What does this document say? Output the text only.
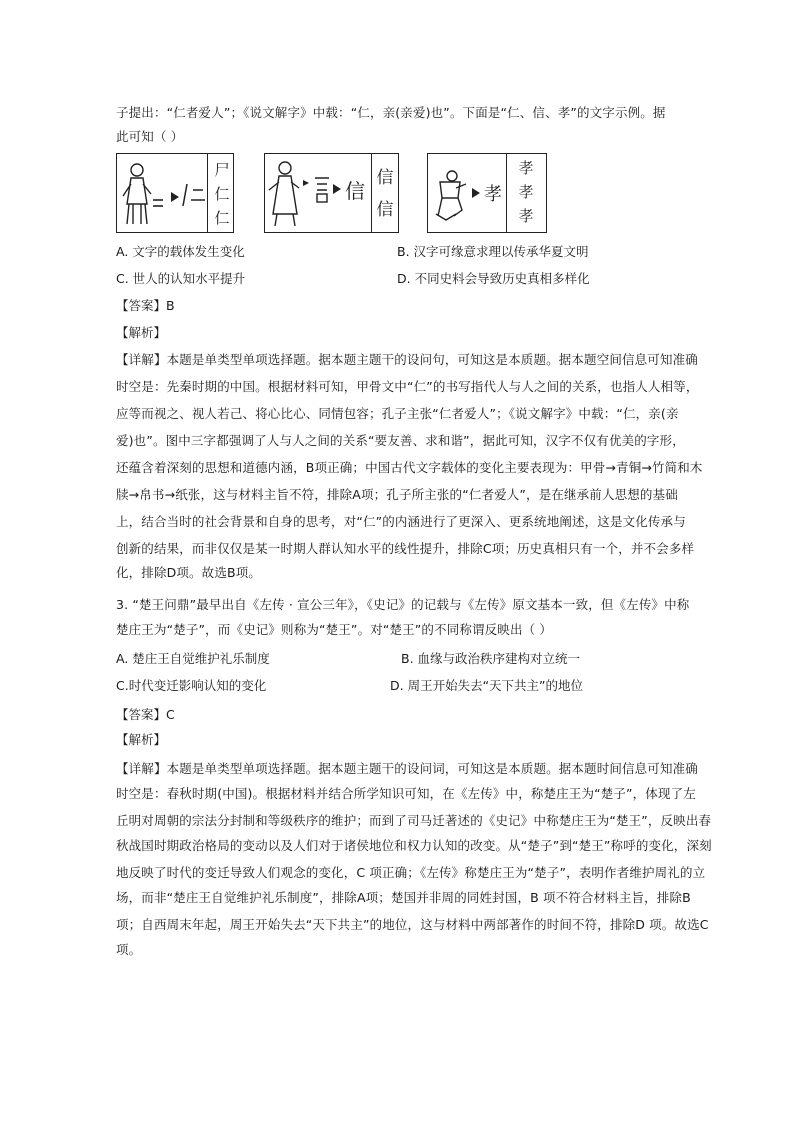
子提出：“仁者爱人”；《说文解字》中载：“仁，亲(亲爱)也”。下面是“仁、信、孝”的文字示例。据
此可知（ ）
尸
仁
仁
信
信
信
孝
孝
孝
孝
A. 文字的载体发生变化	B. 汉字可缘意求理以传承华夏文明
C. 世人的认知水平提升	D. 不同史料会导致历史真相多样化
【答案】B
【解析】
【详解】本题是单类型单项选择题。据本题主题干的设问句，可知这是本质题。据本题空间信息可知准确
时空是：先秦时期的中国。根据材料可知，甲骨文中“仁”的书写指代人与人之间的关系，也指人人相等，
应等而视之、视人若己、将心比心、同情包容；孔子主张“仁者爱人”；《说文解字》中载：“仁，亲(亲
爱)也”。图中三字都强调了人与人之间的关系“要友善、求和谐”，据此可知，汉字不仅有优美的字形，
还蕴含着深刻的思想和道德内涵，B项正确；中国古代文字载体的变化主要表现为：甲骨→青铜→竹简和木
牍→帛书→纸张，这与材料主旨不符，排除A项；孔子所主张的“仁者爱人”，是在继承前人思想的基础
上，结合当时的社会背景和自身的思考，对“仁”的内涵进行了更深入、更系统地阐述，这是文化传承与
创新的结果，而非仅仅是某一时期人群认知水平的线性提升，排除C项；历史真相只有一个，并不会多样
化，排除D项。故选B项。
3. “楚王问鼎”最早出自《左传 · 宣公三年》，《史记》的记载与《左传》原文基本一致，但《左传》中称
楚庄王为“楚子”，而《史记》则称为“楚王”。对“楚王”的不同称谓反映出（ ）
A. 楚庄王自觉维护礼乐制度	B. 血缘与政治秩序建构对立统一
C.时代变迁影响认知的变化	D. 周王开始失去“天下共主”的地位
【答案】C
【解析】
【详解】本题是单类型单项选择题。据本题主题干的设问词，可知这是本质题。据本题时间信息可知准确
时空是：春秋时期(中国)。根据材料并结合所学知识可知，在《左传》中，称楚庄王为“楚子”，体现了左
丘明对周朝的宗法分封制和等级秩序的维护；而到了司马迁著述的《史记》中称楚庄王为“楚王”，反映出春
秋战国时期政治格局的变动以及人们对于诸侯地位和权力认知的改变。从“楚子”到“楚王”称呼的变化，深刻
地反映了时代的变迁导致人们观念的变化，C 项正确；《左传》称楚庄王为“楚子”，表明作者维护周礼的立
场，而非“楚庄王自觉维护礼乐制度”，排除A项；楚国并非周的同姓封国，B 项不符合材料主旨，排除B
项；自西周末年起，周王开始失去“天下共主”的地位，这与材料中两部著作的时间不符，排除D 项。故选C
项。
